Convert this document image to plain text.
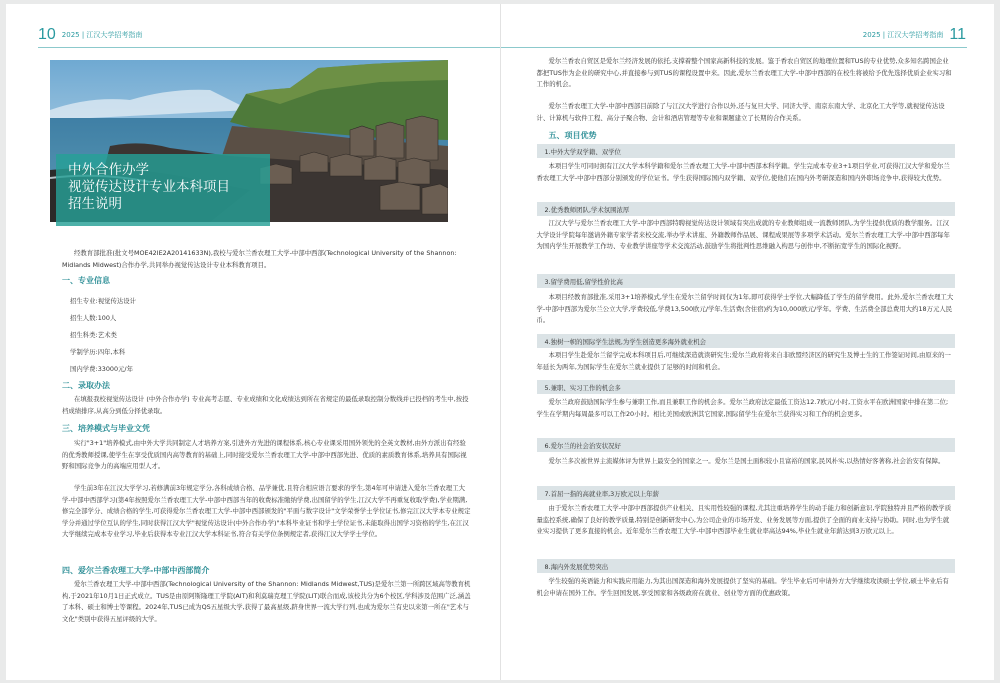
10 2025 | 江汉大学招考指南
中外合作办学
视觉传达设计专业本科项目
招生说明
经教育部批准(批文号MOE42IE2A20141633N),我校与爱尔兰香农理工大学-中部中西部(Technological University of the Shannon: Midlands Midwest)合作办学,共同举办视觉传达设计专业本科教育项目。
一、专业信息
招生专业:视觉传达设计
招生人数:100人
招生科类:艺术类
学制学历:四年,本科
国内学费:33000元/年
二、录取办法
在填报我校视觉传达设计 (中外合作办学) 专业高考志愿、专业成绩和文化成绩达到所在省规定的最低录取控制分数线并已投档的考生中,按投档成绩排序,从高分到低分择优录取。
三、培养模式与毕业文凭
实行"3+1"培养模式,由中外大学共同制定人才培养方案,引进外方先进的课程体系,核心专业课采用国外领先的全英文教材,由外方派出有经验的优秀教师授课,使学生在享受优质国内高等教育的基础上,同时接受爱尔兰香农理工大学-中部中西部先进、优质的素质教育体系,培养具有国际视野和国际竞争力的高端应用型人才。
学生前3年在江汉大学学习,若修满前3年规定学分,各科成绩合格、品学兼优,且符合相应语言要求的学生,第4年可申请进入爱尔兰香农理工大学-中部中西部学习(第4年按照爱尔兰香农理工大学-中部中西部当年的收费标准缴纳学费,出国留学的学生,江汉大学不再重复收取学费),学业期满,修完全部学分、成绩合格的学生,可获得爱尔兰香农理工大学-中部中西部颁发的"平面与数字设计"文学荣誉学士学位证书,修完江汉大学本专业规定学分并通过学位互认的学生,同时获得江汉大学"视觉传达设计(中外合作办学)"本科毕业证书和学士学位证书,未能取得出国学习资格的学生,在江汉大学继续完成本专业学习,毕业后获得本专业江汉大学本科证书,符合有关学位条例规定者,获得江汉大学学士学位。
四、爱尔兰香农理工大学-中部中西部简介
爱尔兰香农理工大学-中部中西部(Technological University of the Shannon: Midlands Midwest,TUS)是爱尔兰第一所跨区域高等教育机构,于2021年10月1日正式成立。TUS是由原阿斯隆理工学院(AIT)和利莫瑞克理工学院(LIT)联合而成,该校共分为6个校区,学科涉及范围广泛,涵盖了本科、硕士和博士等课程。2024年,TUS已成为QS五星级大学,获得了最高星级,跻身世界一流大学行列,也成为爱尔兰有史以来第一所在"艺术与文化"类别中获得五星评级的大学。
2025 | 江汉大学招考指南 11
爱尔兰香农自贸区是爱尔兰经济发展的依托,支撑着整个国家高新科技的发展。鉴于香农自贸区的地理位置和TUS的专业优势,众多知名跨国企业都把TUS作为企业的研究中心,并直接参与到TUS的课程设置中来。因此,爱尔兰香农理工大学-中部中西部的在校生将被给予优先选择优质企业实习和工作的机会。
爱尔兰香农理工大学-中部中西部目前除了与江汉大学进行合作以外,还与复旦大学、同济大学、南京东南大学、北京化工大学等,就视觉传达设计、计算机与软件工程、高分子聚合物、会计和酒店管理等专业和课题建立了长期的合作关系。
五、项目优势
1.中外大学双学籍、双学位
本项目学生可同时拥有江汉大学本科学籍和爱尔兰香农理工大学-中部中西部本科学籍。学生完成本专业3+1项目学业,可获得江汉大学和爱尔兰香农理工大学-中部中西部分别颁发的学位证书。学生获得国际国内双学籍、双学位,使他们在国内外考研深造和国内外职场竞争中,获得较大优势。
2.优秀教师团队,学术氛围浓厚
江汉大学与爱尔兰香农理工大学-中部中西部特聘视觉传达设计领域有突出成就的专业教师组成一流教师团队,为学生提供优质的教学服务。江汉大学设计学院每年邀请外籍专家学者来校交流,举办学术讲座、外籍教师作品展、课程成果展等多项学术活动。爱尔兰香农理工大学-中部中西部每年为国内学生开展教学工作坊、专业教学讲座等学术交流活动,鼓励学生将批判性思维融入构思与创作中,不断拓宽学生的国际化视野。
3.留学费用低,留学性价比高
本项目经教育部批准,采用3+1培养模式,学生在爱尔兰留学时间仅为1年,即可获得学士学位,大幅降低了学生的留学费用。此外,爱尔兰香农理工大学-中部中西部为爱尔兰公立大学,学费较低,学费13,500欧元/学年,生活费(含住宿)约为10,000欧元/学年。学费、生活费全部总费用大约18万元人民币。
4.独树一帜的国际学生法规,为学生创造更多海外就业机会
本项目学生赴爱尔兰留学完成本科项目后,可继续深造就读研究生;爱尔兰政府将来自非欧盟经济区的研究生及博士生的工作签证时间,由原来的一年延长为两年,为国际学生在爱尔兰就业提供了足够的时间和机会。
5.兼职、实习工作的机会多
爱尔兰政府鼓励国际学生参与兼职工作,而且兼职工作的机会多。爱尔兰政府法定最低工资达12.7欧元/小时,工资水平在欧洲国家中排在第二位;学生在学期内每周最多可以工作20小时。相比美国或欧洲其它国家,国际留学生在爱尔兰获得实习和工作的机会更多。
6.爱尔兰的社会治安状况好
爱尔兰多次被世界主流媒体评为世界上最安全的国家之一。爱尔兰是国土面积较小且富裕的国家,民风朴实,以热情好客著称,社会治安有保障。
7.首屈一指的高就业率,3万欧元以上年薪
由于爱尔兰香农理工大学-中部中西部提供产业相关、且实用性较强的课程,尤其注重培养学生的动手能力和创新意识,学院独特并且严格的教学质量监控系统,确保了良好的教学质量,特别是创新研发中心,为公司企业的市场开发、业务发展等方面,提供了全面的商业支持与协助。同时,也为学生就业实习提供了更多直接的机会。近年爱尔兰香农理工大学-中部中西部毕业生就业率高达94%,毕业生就业年薪达到3万欧元以上。
8.海内外发展优势突出
学生较强的英语能力和实践应用能力,为其出国深造和海外发展提供了坚实的基础。学生毕业后可申请外方大学继续攻读硕士学位,硕士毕业后有机会申请在国外工作。学生回国发展,享受国家和各级政府在就业、创业等方面的优惠政策。
